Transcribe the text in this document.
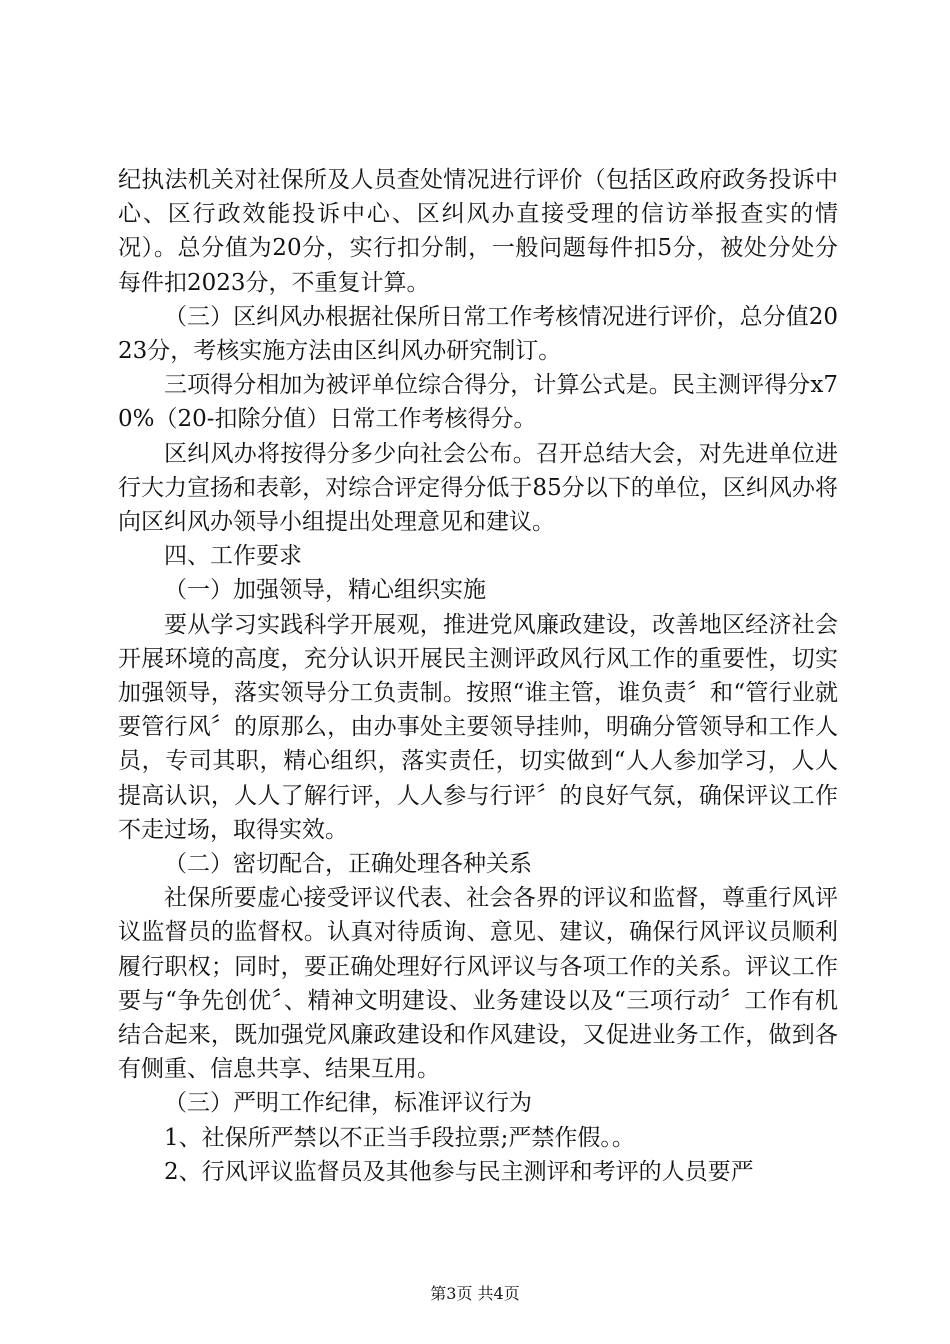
纪执法机关对社保所及人员查处情况进行评价（包括区政府政务投诉中心、区行政效能投诉中心、区纠风办直接受理的信访举报查实的情况）。总分值为20分，实行扣分制，一般问题每件扣5分，被处分处分每件扣2023分，不重复计算。

（三）区纠风办根据社保所日常工作考核情况进行评价，总分值2023分，考核实施方法由区纠风办研究制订。

三项得分相加为被评单位综合得分，计算公式是。民主测评得分x70%（20-扣除分值）日常工作考核得分。

区纠风办将按得分多少向社会公布。召开总结大会，对先进单位进行大力宣扬和表彰，对综合评定得分低于85分以下的单位，区纠风办将向区纠风办领导小组提出处理意见和建议。

四、工作要求

（一）加强领导，精心组织实施

要从学习实践科学开展观，推进党风廉政建设，改善地区经济社会开展环境的高度，充分认识开展民主测评政风行风工作的重要性，切实加强领导，落实领导分工负责制。按照“谁主管，谁负责〞和“管行业就要管行风〞的原那么，由办事处主要领导挂帅，明确分管领导和工作人员，专司其职，精心组织，落实责任，切实做到“人人参加学习，人人提高认识，人人了解行评，人人参与行评〞的良好气氛，确保评议工作不走过场，取得实效。

（二）密切配合，正确处理各种关系

社保所要虚心接受评议代表、社会各界的评议和监督，尊重行风评议监督员的监督权。认真对待质询、意见、建议，确保行风评议员顺利履行职权；同时，要正确处理好行风评议与各项工作的关系。评议工作要与“争先创优〞、精神文明建设、业务建设以及“三项行动〞工作有机结合起来，既加强党风廉政建设和作风建设，又促进业务工作，做到各有侧重、信息共享、结果互用。

（三）严明工作纪律，标准评议行为

1、社保所严禁以不正当手段拉票;严禁作假。。

2、行风评议监督员及其他参与民主测评和考评的人员要严

第3页 共4页
